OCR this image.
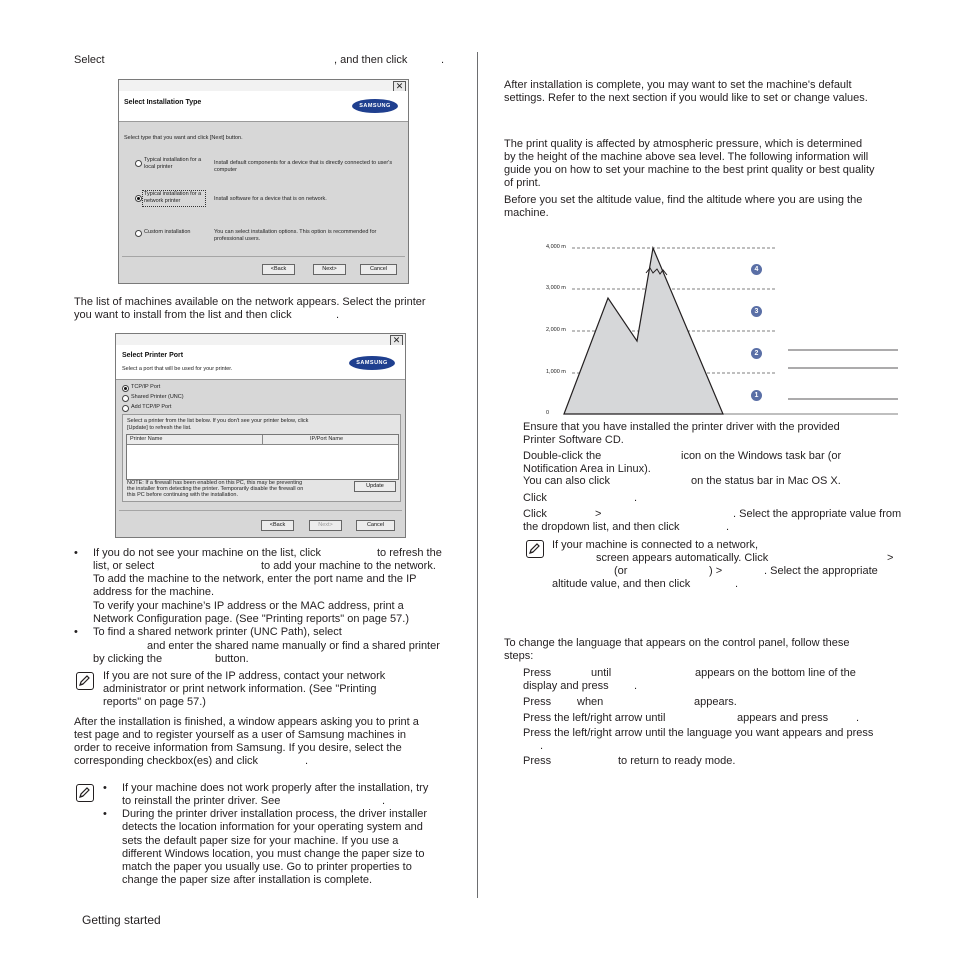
Select	, and then click	.
✕
Select Installation Type	SAMSUNG
Select type that you want and click [Next] button.
Typical installation for a
local printer
Install default components for a device that is directly connected to user's
computer
Typical installation for a
network printer	Install software for a device that is on network.
Custom installation	You can select installation options. This option is recommended for
professional users.
<Back	Next>	Cancel
The list of machines available on the network appears. Select the printer
you want to install from the list and then click	.
✕
Select Printer Port
Select a port that will be used for your printer.
SAMSUNG
TCP/IP Port
Shared Printer (UNC)
Add TCP/IP Port
Select a printer from the list below. If you don't see your printer below, click
[Update] to refresh the list.
Printer Name	IP/Port Name
NOTE: If a firewall has been enabled on this PC, this may be preventing
the installer from detecting the printer. Temporarily disable the firewall on
this PC before continuing with the installation.
Update
<Back	Next>	Cancel
• If you do not see your machine on the list, click	to refresh the
list, or select	to add your machine to the network.
To add the machine to the network, enter the port name and the IP
address for the machine.
To verify your machine’s IP address or the MAC address, print a
Network Configuration page. (See "Printing reports" on page 57.)
• To find a shared network printer (UNC Path), select
and enter the shared name manually or find a shared printer
by clicking the	button.
If you are not sure of the IP address, contact your network
administrator or print network information. (See "Printing
reports" on page 57.)
After the installation is finished, a window appears asking you to print a
test page and to register yourself as a user of Samsung machines in
order to receive information from Samsung. If you desire, select the
corresponding checkbox(es) and click	.
• If your machine does not work properly after the installation, try
to reinstall the printer driver. See	.
• During the printer driver installation process, the driver installer
detects the location information for your operating system and
sets the default paper size for your machine. If you use a
different Windows location, you must change the paper size to
match the paper you usually use. Go to printer properties to
change the paper size after installation is complete.
Getting started
After installation is complete, you may want to set the machine's default
settings. Refer to the next section if you would like to set or change values.
The print quality is affected by atmospheric pressure, which is determined
by the height of the machine above sea level. The following information will
guide you on how to set your machine to the best print quality or best quality
of print.
Before you set the altitude value, find the altitude where you are using the
machine.
4,000 m
3,000 m
2,000 m
1,000 m
0
4
3
2
1
Ensure that you have installed the printer driver with the provided
Printer Software CD.
Double-click the	icon on the Windows task bar (or
Notification Area in Linux).
You can also click	on the status bar in Mac OS X.
Click	.
Click	>	. Select the appropriate value from
the dropdown list, and then click	.
If your machine is connected to a network,
screen appears automatically. Click	>
(or	) >	. Select the appropriate
altitude value, and then click	.
To change the language that appears on the control panel, follow these
steps:
Press	until	appears on the bottom line of the
display and press .
Press when	appears.
Press the left/right arrow until	appears and press	.
Press the left/right arrow until the language you want appears and press
.
Press	to return to ready mode.
